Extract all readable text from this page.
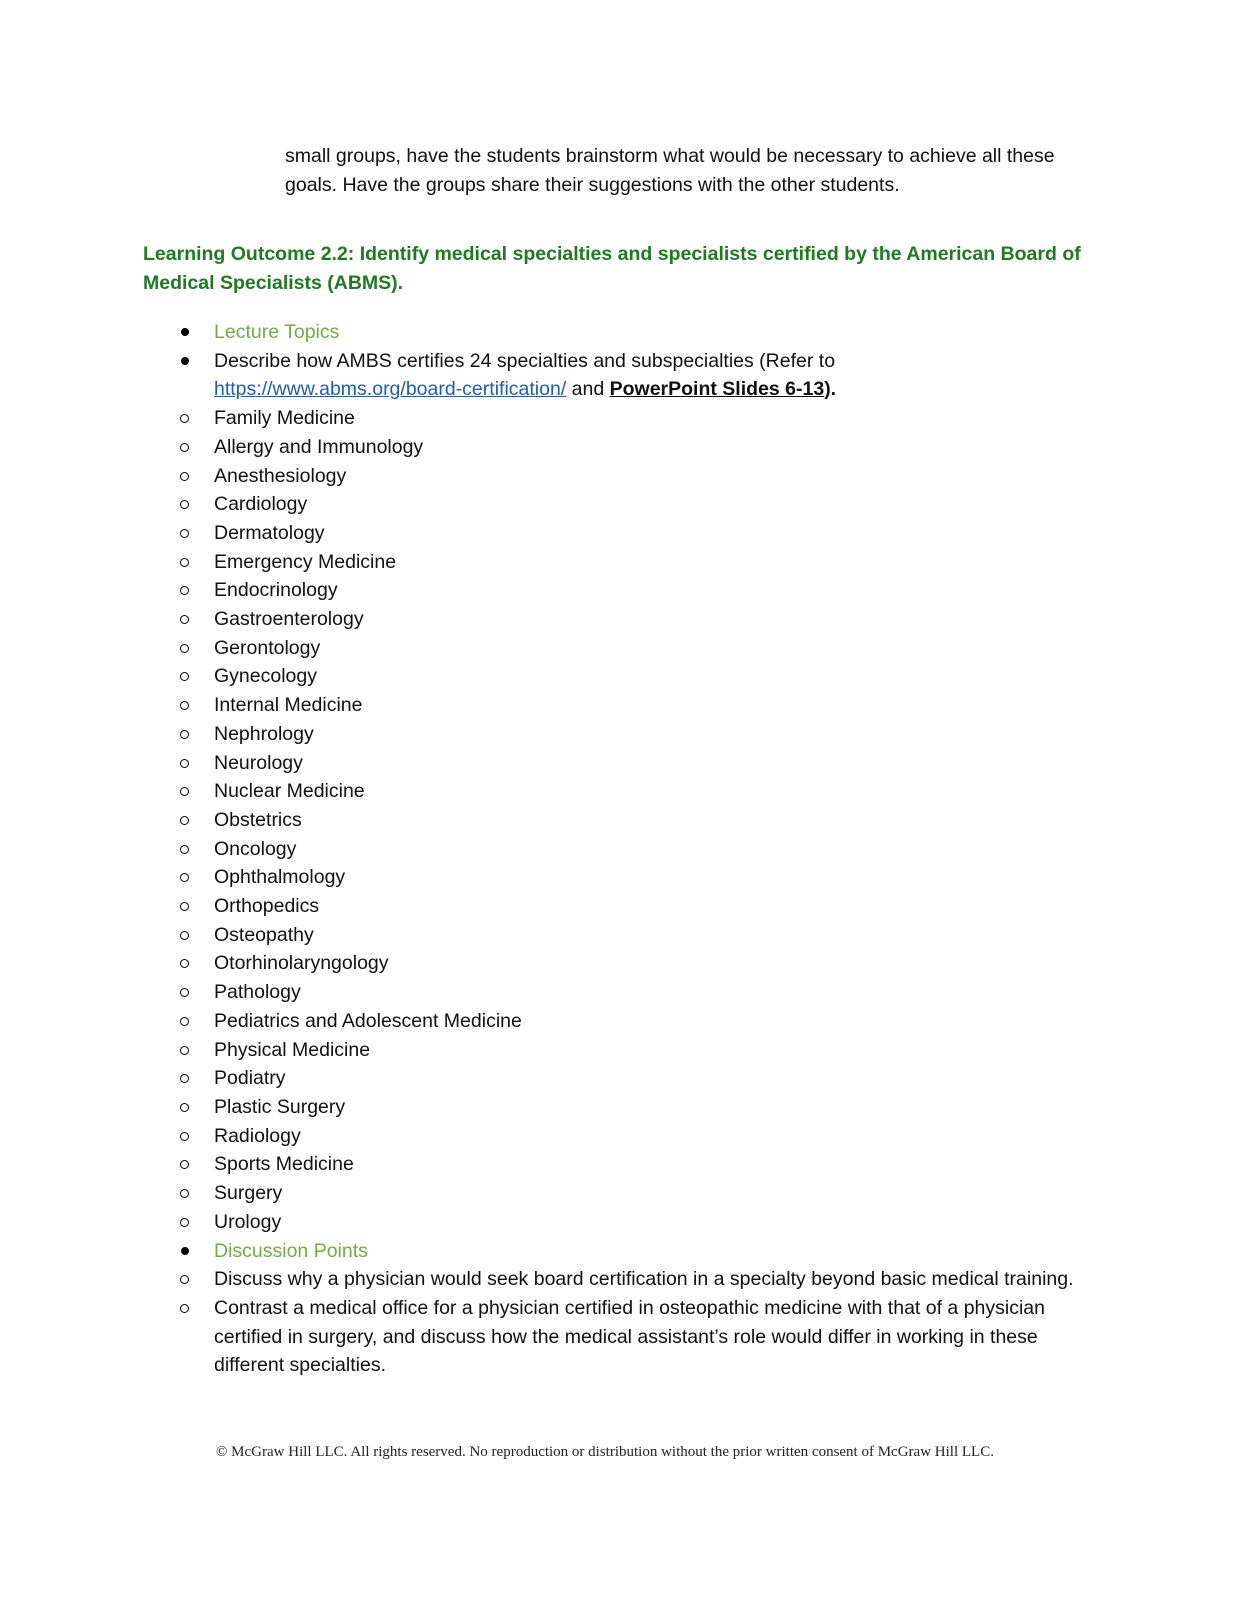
small groups, have the students brainstorm what would be necessary to achieve all these goals. Have the groups share their suggestions with the other students.

Learning Outcome 2.2: Identify medical specialties and specialists certified by the American Board of Medical Specialists (ABMS).

Lecture Topics
Describe how AMBS certifies 24 specialties and subspecialties (Refer to
https://www.abms.org/board-certification/ and PowerPoint Slides 6-13).
Family Medicine
Allergy and Immunology
Anesthesiology
Cardiology
Dermatology
Emergency Medicine
Endocrinology
Gastroenterology
Gerontology
Gynecology
Internal Medicine
Nephrology
Neurology
Nuclear Medicine
Obstetrics
Oncology
Ophthalmology
Orthopedics
Osteopathy
Otorhinolaryngology
Pathology
Pediatrics and Adolescent Medicine
Physical Medicine
Podiatry
Plastic Surgery
Radiology
Sports Medicine
Surgery
Urology
Discussion Points
Discuss why a physician would seek board certification in a specialty beyond basic medical training.
Contrast a medical office for a physician certified in osteopathic medicine with that of a physician certified in surgery, and discuss how the medical assistant’s role would differ in working in these different specialties.
© McGraw Hill LLC. All rights reserved. No reproduction or distribution without the prior written consent of McGraw Hill LLC.
